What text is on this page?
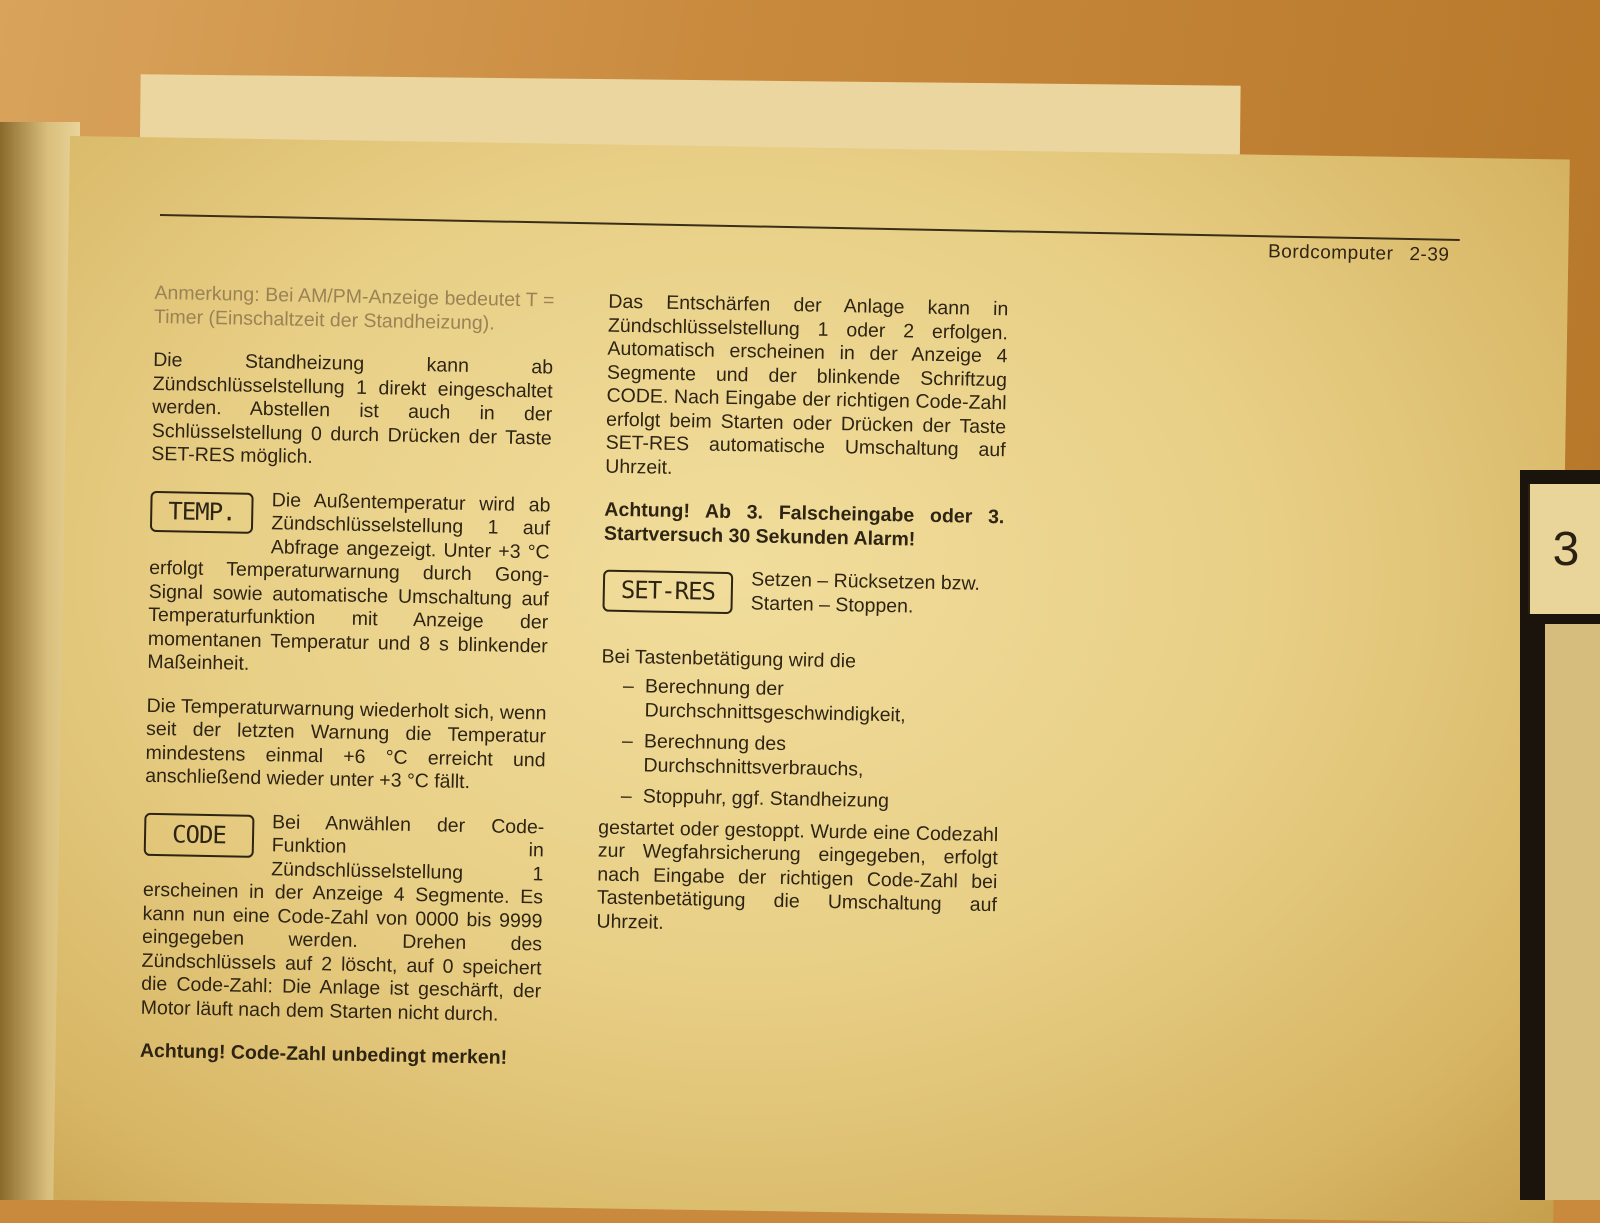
3
Bordcomputer 2-39

Anmerkung: Bei AM/PM-Anzeige bedeutet T = Timer (Einschaltzeit der Standheizung).

Die Standheizung kann ab Zündschlüsselstellung 1 direkt eingeschaltet werden. Abstellen ist auch in der Schlüsselstellung 0 durch Drücken der Taste SET-RES möglich.

TEMP.	Die Außentemperatur wird ab Zündschlüsselstellung 1 auf Abfrage angezeigt. Unter +3 °C erfolgt Temperaturwarnung durch Gong-Signal sowie automatische Umschaltung auf Temperaturfunktion mit Anzeige der momentanen Temperatur und 8 s blinkender Maßeinheit.

Die Temperaturwarnung wiederholt sich, wenn seit der letzten Warnung die Temperatur mindestens einmal +6 °C erreicht und anschließend wieder unter +3 °C fällt.

CODE	Bei Anwählen der Code-Funktion in Zündschlüsselstellung 1 erscheinen in der Anzeige 4 Segmente. Es kann nun eine Code-Zahl von 0000 bis 9999 eingegeben werden. Drehen des Zündschlüssels auf 2 löscht, auf 0 speichert die Code-Zahl: Die Anlage ist geschärft, der Motor läuft nach dem Starten nicht durch.

Achtung! Code-Zahl unbedingt merken!

Das Entschärfen der Anlage kann in Zündschlüsselstellung 1 oder 2 erfolgen. Automatisch erscheinen in der Anzeige 4 Segmente und der blinkende Schriftzug CODE. Nach Eingabe der richtigen Code-Zahl erfolgt beim Starten oder Drücken der Taste SET-RES automatische Umschaltung auf Uhrzeit.

Achtung! Ab 3. Falscheingabe oder 3. Startversuch 30 Sekunden Alarm!

SET-RES	Setzen – Rücksetzen bzw. Starten – Stoppen.

Bei Tastenbetätigung wird die

– Berechnung der Durchschnittsgeschwindigkeit,
– Berechnung des Durchschnittsverbrauchs,
– Stoppuhr, ggf. Standheizung

gestartet oder gestoppt. Wurde eine Codezahl zur Wegfahrsicherung eingegeben, erfolgt nach Eingabe der richtigen Code-Zahl bei Tastenbetätigung die Umschaltung auf Uhrzeit.
